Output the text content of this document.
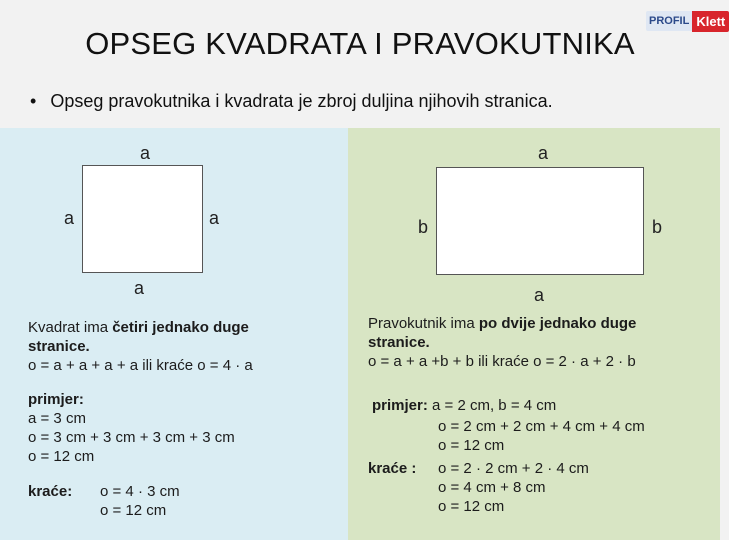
OPSEG KVADRATA I PRAVOKUTNIKA
PROFIL Klett
• Opseg pravokutnika i kvadrata je zbroj duljina njihovih stranica.
a
a	a
a
Kvadrat ima četiri jednako duge
stranice.
o = a + a + a + a ili kraće o = 4 · a
primjer:
a = 3 cm
o = 3 cm + 3 cm + 3 cm + 3 cm
o = 12 cm
kraće: o = 4 · 3 cm
o = 12 cm
a
b	b
a
Pravokutnik ima po dvije jednako duge
stranice.
o = a + a +b + b ili kraće o = 2 · a + 2 · b
primjer: a = 2 cm, b = 4 cm
o = 2 cm + 2 cm + 4 cm + 4 cm
o = 12 cm
kraće : o = 2 · 2 cm + 2 · 4 cm
o = 4 cm + 8 cm
o = 12 cm
